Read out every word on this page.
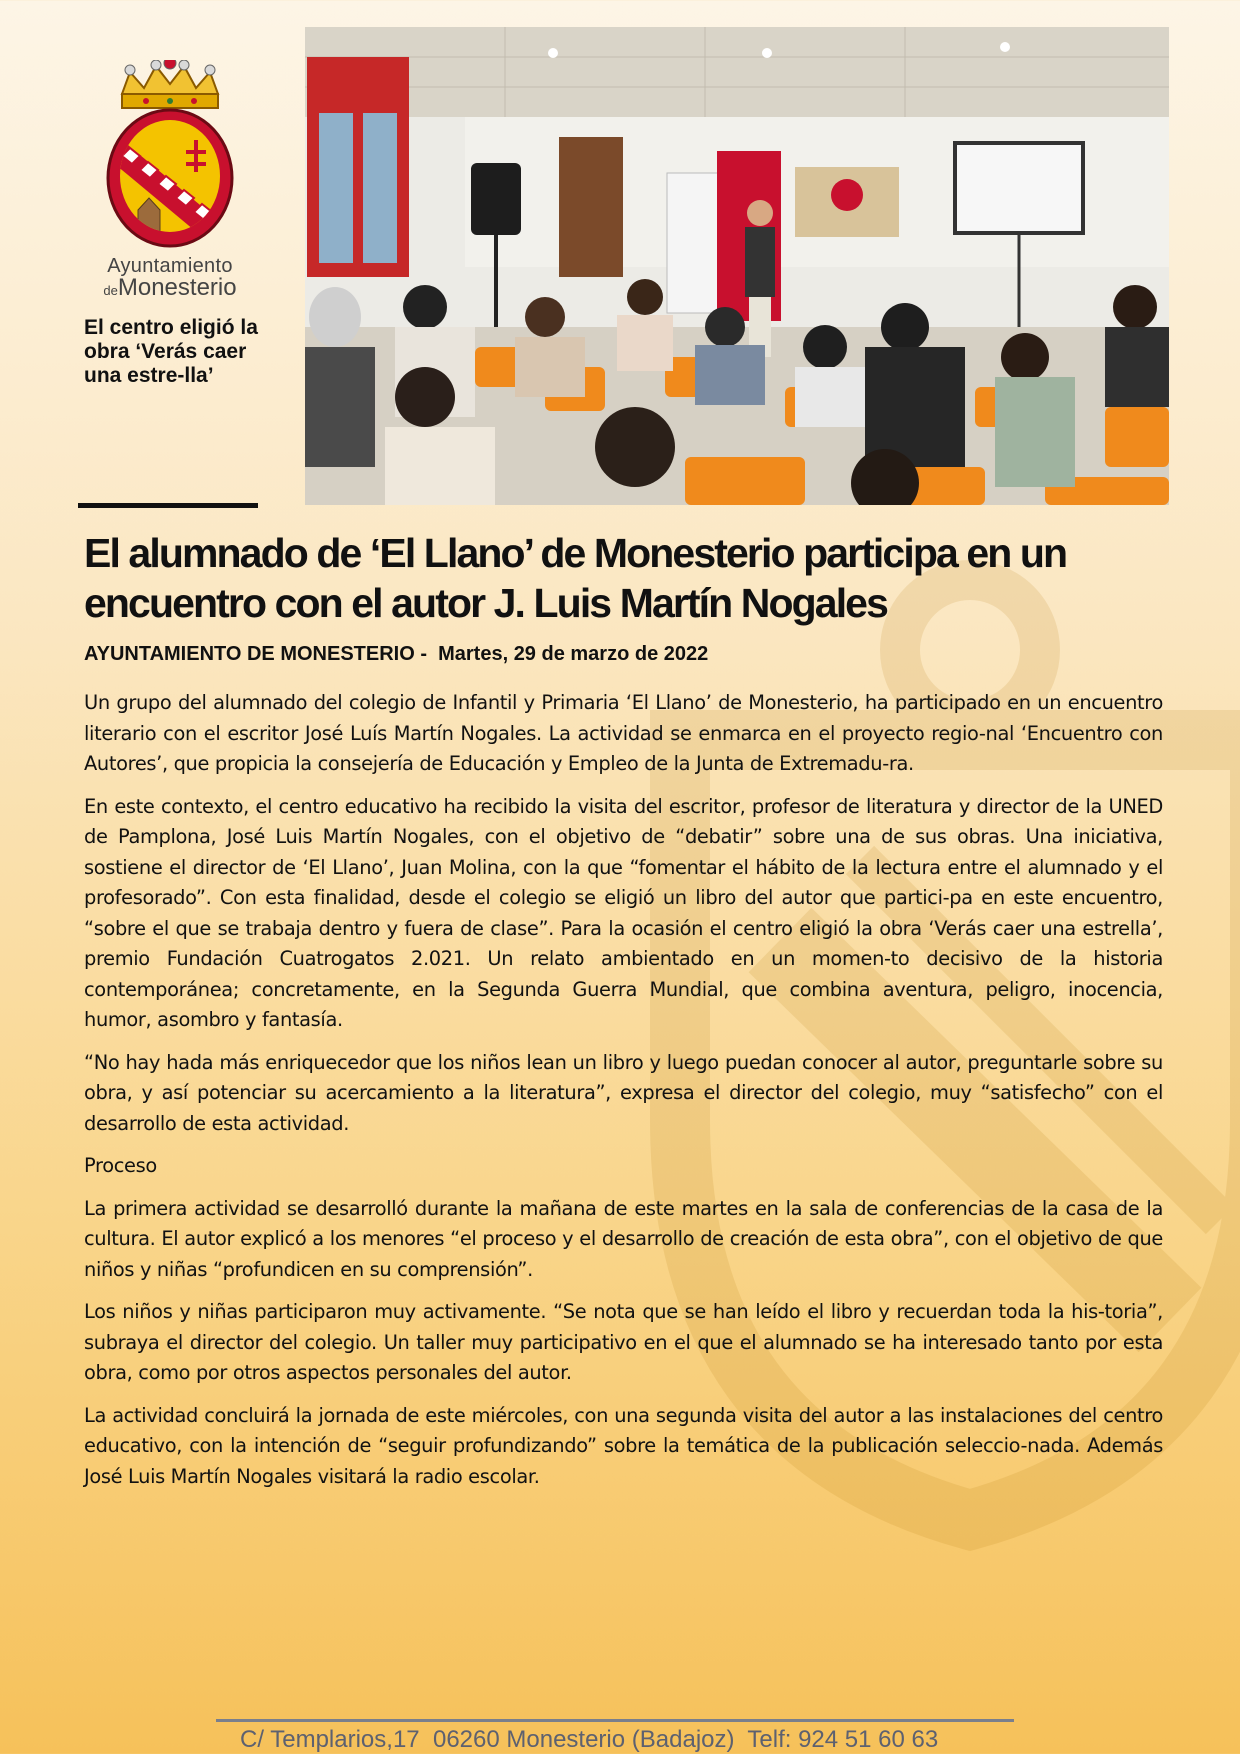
Ayuntamiento
deMonesterio
El centro eligió la obra ‘Verás caer una estre-lla’
El alumnado de ‘El Llano’ de Monesterio participa en un encuentro con el autor J. Luis Martín Nogales
AYUNTAMIENTO DE MONESTERIO -  Martes, 29 de marzo de 2022

Un grupo del alumnado del colegio de Infantil y Primaria ‘El Llano’ de Monesterio, ha participado en un encuentro literario con el escritor José Luís Martín Nogales. La actividad se enmarca en el proyecto regio-nal ‘Encuentro con Autores’, que propicia la consejería de Educación y Empleo de la Junta de Extremadu-ra.

En este contexto, el centro educativo ha recibido la visita del escritor, profesor de literatura y director de la UNED de Pamplona, José Luis Martín Nogales, con el objetivo de “debatir” sobre una de sus obras. Una iniciativa, sostiene el director de ‘El Llano’, Juan Molina, con la que “fomentar el hábito de la lectura entre el alumnado y el profesorado”. Con esta finalidad, desde el colegio se eligió un libro del autor que partici-pa en este encuentro, “sobre el que se trabaja dentro y fuera de clase”. Para la ocasión el centro eligió la obra ‘Verás caer una estrella’, premio Fundación Cuatrogatos 2.021. Un relato ambientado en un momen-to decisivo de la historia contemporánea; concretamente, en la Segunda Guerra Mundial, que combina aventura, peligro, inocencia, humor, asombro y fantasía.

“No hay hada más enriquecedor que los niños lean un libro y luego puedan conocer al autor, preguntarle sobre su obra, y así potenciar su acercamiento a la literatura”, expresa el director del colegio, muy “satisfecho” con el desarrollo de esta actividad.

Proceso

La primera actividad se desarrolló durante la mañana de este martes en la sala de conferencias de la casa de la cultura. El autor explicó a los menores “el proceso y el desarrollo de creación de esta obra”, con el objetivo de que niños y niñas “profundicen en su comprensión”.

Los niños y niñas participaron muy activamente. “Se nota que se han leído el libro y recuerdan toda la his-toria”, subraya el director del colegio. Un taller muy participativo en el que el alumnado se ha interesado tanto por esta obra, como por otros aspectos personales del autor.

La actividad concluirá la jornada de este miércoles, con una segunda visita del autor a las instalaciones del centro educativo, con la intención de “seguir profundizando” sobre la temática de la publicación seleccio-nada. Además José Luis Martín Nogales visitará la radio escolar.

C/ Templarios,17  06260 Monesterio (Badajoz)  Telf: 924 51 60 63
